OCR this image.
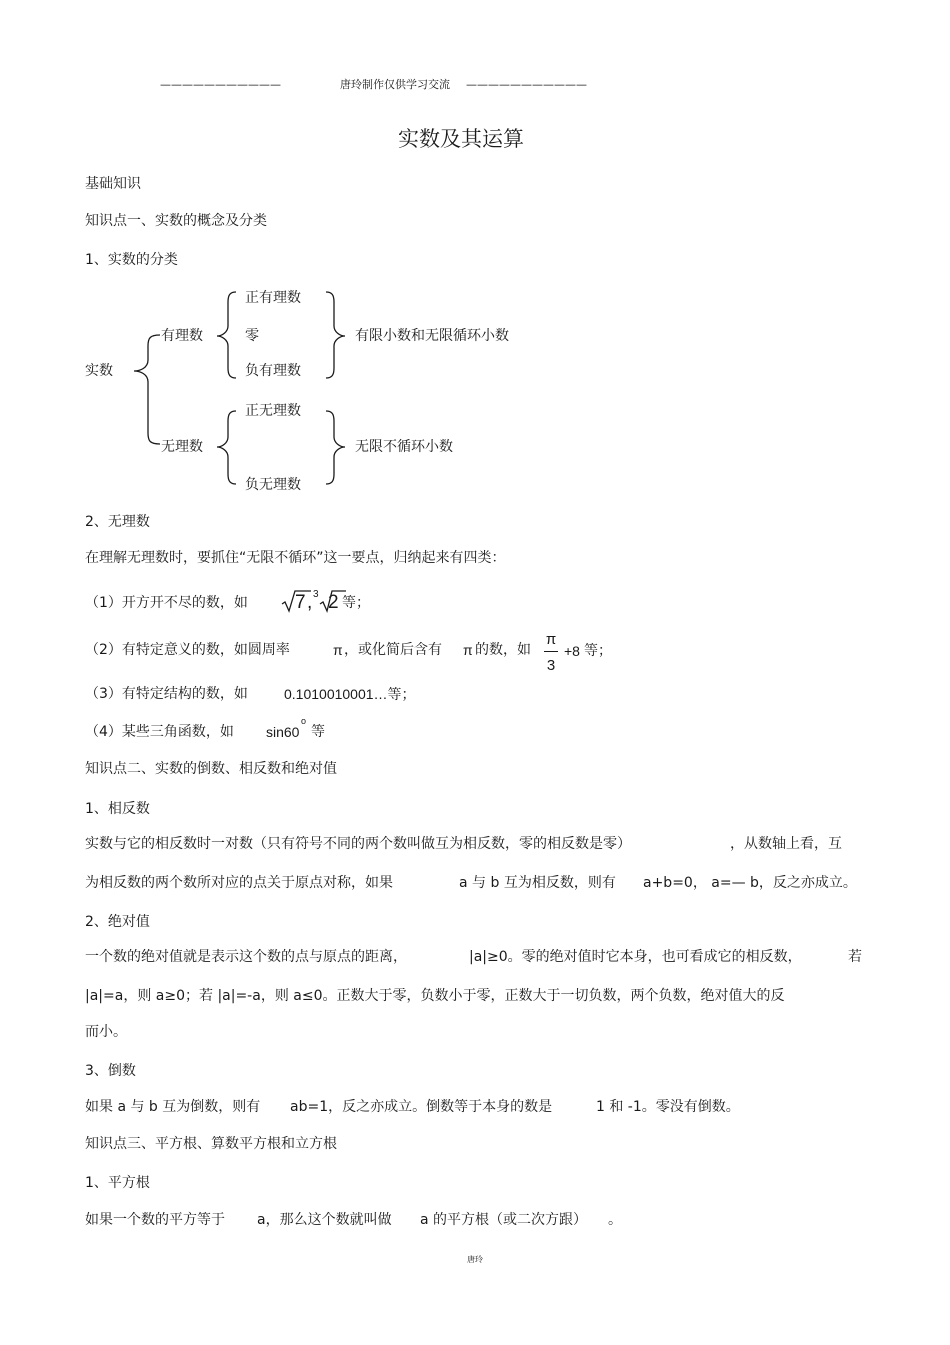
———————————	唐玲制作仅供学习交流 ———————————
实数及其运算
基础知识
知识点一、实数的概念及分类
1、实数的分类
实数
有理数
无理数
正有理数
零
负有理数
有限小数和无限循环小数
正无理数
负无理数
无限不循环小数
2、无理数
在理解无理数时，要抓住“无限不循环”这一要点，归纳起来有四类：
（1）开方开不尽的数，如 7 , 3 2 等；
（2）有特定意义的数，如圆周率	π ，或化简后含有 π 的数，如
π
3
+8 等；
（3）有特定结构的数，如	0.1010010001…等；
（4）某些三角函数，如 sin60
o
等
知识点二、实数的倒数、相反数和绝对值
1、相反数
实数与它的相反数时一对数（只有符号不同的两个数叫做互为相反数，零的相反数是零）	，从数轴上看，互
为相反数的两个数所对应的点关于原点对称，如果	a 与 b 互为相反数，则有 a+b=0， a=— b，反之亦成立。
2、绝对值
一个数的绝对值就是表示这个数的点与原点的距离，	|a|≥0。零的绝对值时它本身，也可看成它的相反数，	若
|a|=a，则 a≥0；若 |a|=-a，则 a≤0。正数大于零，负数小于零，正数大于一切负数，两个负数，绝对值大的反
而小。
3、倒数
如果 a 与 b 互为倒数，则有 ab=1，反之亦成立。倒数等于本身的数是	1 和 -1。零没有倒数。
知识点三、平方根、算数平方根和立方根
1、平方根
如果一个数的平方等于 a，那么这个数就叫做 a 的平方根（或二次方跟） 。
唐玲
